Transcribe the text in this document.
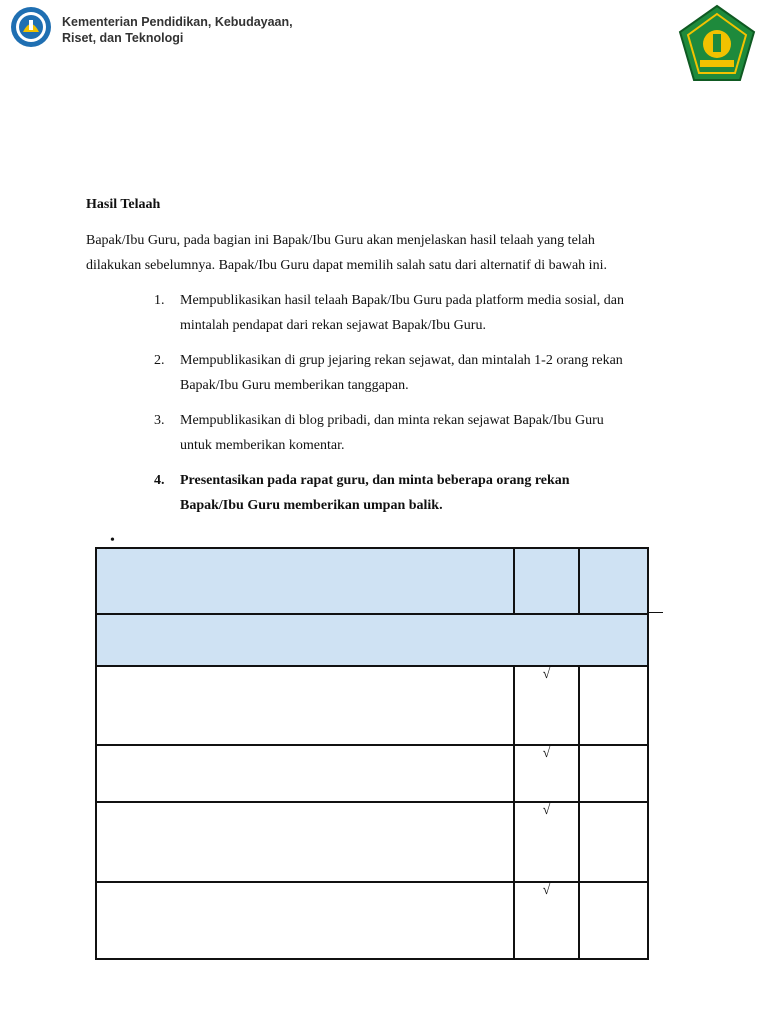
Kementerian Pendidikan, Kebudayaan,
Riset, dan Teknologi
Hasil Telaah
Bapak/Ibu Guru, pada bagian ini Bapak/Ibu Guru akan menjelaskan hasil telaah yang telah
dilakukan sebelumnya. Bapak/Ibu Guru dapat memilih salah satu dari alternatif di bawah ini.
1. Mempublikasikan hasil telaah Bapak/Ibu Guru pada platform media sosial, dan
mintalah pendapat dari rekan sejawat Bapak/Ibu Guru.
2. Mempublikasikan di grup jejaring rekan sejawat, dan mintalah 1-2 orang rekan
Bapak/Ibu Guru memberikan tanggapan.
3. Mempublikasikan di blog pribadi, dan minta rekan sejawat Bapak/Ibu Guru
untuk memberikan komentar.
4. Presentasikan pada rapat guru, dan minta beberapa orang rekan
Bapak/Ibu Guru memberikan umpan balik.
•

	√	
	√	
	√	
	√	
